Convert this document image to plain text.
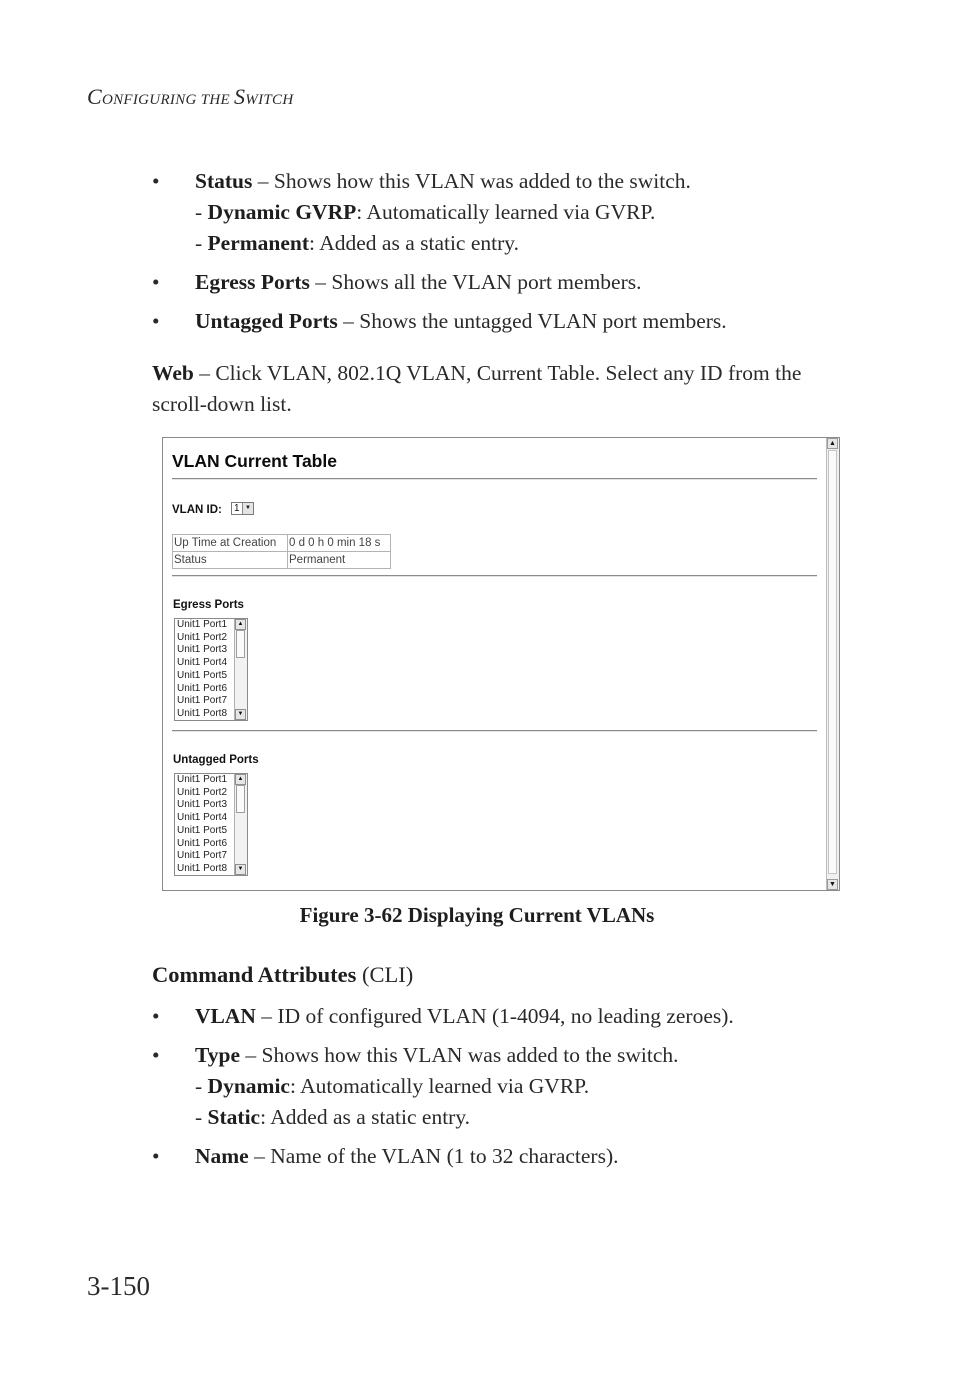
CONFIGURING THE SWITCH
• Status – Shows how this VLAN was added to the switch.
- Dynamic GVRP: Automatically learned via GVRP.
- Permanent: Added as a static entry.
• Egress Ports – Shows all the VLAN port members.
• Untagged Ports – Shows the untagged VLAN port members.
Web – Click VLAN, 802.1Q VLAN, Current Table. Select any ID from the scroll-down list.
▲
▼
VLAN Current Table
VLAN ID:	1 ▼
Up Time at Creation	0 d 0 h 0 min 18 s
Status	Permanent
Egress Ports
Unit1 Port1
Unit1 Port2
Unit1 Port3
Unit1 Port4
Unit1 Port5
Unit1 Port6
Unit1 Port7
Unit1 Port8
▲
▼
Untagged Ports
Unit1 Port1
Unit1 Port2
Unit1 Port3
Unit1 Port4
Unit1 Port5
Unit1 Port6
Unit1 Port7
Unit1 Port8
▲
▼
Figure 3-62 Displaying Current VLANs
Command Attributes (CLI)
• VLAN – ID of configured VLAN (1-4094, no leading zeroes).
• Type – Shows how this VLAN was added to the switch.
- Dynamic: Automatically learned via GVRP.
- Static: Added as a static entry.
• Name – Name of the VLAN (1 to 32 characters).
3-150
